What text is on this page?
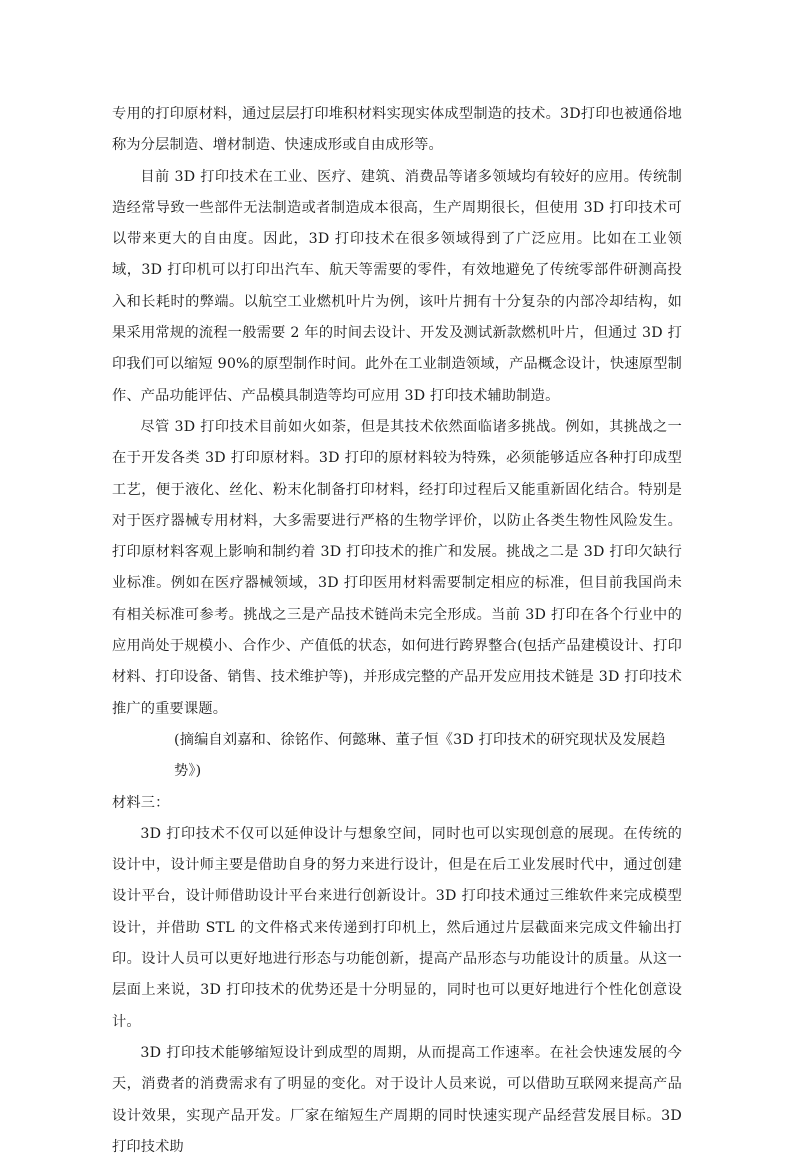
专用的打印原材料，通过层层打印堆积材料实现实体成型制造的技术。3D打印也被通俗地称为分层制造、增材制造、快速成形或自由成形等。

目前 3D 打印技术在工业、医疗、建筑、消费品等诸多领域均有较好的应用。传统制造经常导致一些部件无法制造或者制造成本很高，生产周期很长，但使用 3D 打印技术可以带来更大的自由度。因此，3D 打印技术在很多领域得到了广泛应用。比如在工业领域，3D 打印机可以打印出汽车、航天等需要的零件，有效地避免了传统零部件研测高投入和长耗时的弊端。以航空工业燃机叶片为例，该叶片拥有十分复杂的内部冷却结构，如果采用常规的流程一般需要 2 年的时间去设计、开发及测试新款燃机叶片，但通过 3D 打印我们可以缩短 90%的原型制作时间。此外在工业制造领域，产品概念设计，快速原型制作、产品功能评估、产品模具制造等均可应用 3D 打印技术辅助制造。

尽管 3D 打印技术目前如火如荼，但是其技术依然面临诸多挑战。例如，其挑战之一在于开发各类 3D 打印原材料。3D 打印的原材料较为特殊，必须能够适应各种打印成型工艺，便于液化、丝化、粉末化制备打印材料，经打印过程后又能重新固化结合。特别是对于医疗器械专用材料，大多需要进行严格的生物学评价，以防止各类生物性风险发生。打印原材料客观上影响和制约着 3D 打印技术的推广和发展。挑战之二是 3D 打印欠缺行业标准。例如在医疗器械领域，3D 打印医用材料需要制定相应的标准，但目前我国尚未有相关标准可参考。挑战之三是产品技术链尚未完全形成。当前 3D 打印在各个行业中的应用尚处于规模小、合作少、产值低的状态，如何进行跨界整合(包括产品建模设计、打印材料、打印设备、销售、技术维护等)，并形成完整的产品开发应用技术链是 3D 打印技术推广的重要课题。

(摘编自刘嘉和、徐铭作、何懿琳、董子恒《3D 打印技术的研究现状及发展趋势》)

材料三：

3D 打印技术不仅可以延伸设计与想象空间，同时也可以实现创意的展现。在传统的设计中，设计师主要是借助自身的努力来进行设计，但是在后工业发展时代中，通过创建设计平台，设计师借助设计平台来进行创新设计。3D 打印技术通过三维软件来完成模型设计，并借助 STL 的文件格式来传递到打印机上，然后通过片层截面来完成文件输出打印。设计人员可以更好地进行形态与功能创新，提高产品形态与功能设计的质量。从这一层面上来说，3D 打印技术的优势还是十分明显的，同时也可以更好地进行个性化创意设计。

3D 打印技术能够缩短设计到成型的周期，从而提高工作速率。在社会快速发展的今天，消费者的消费需求有了明显的变化。对于设计人员来说，可以借助互联网来提高产品设计效果，实现产品开发。厂家在缩短生产周期的同时快速实现产品经营发展目标。3D 打印技术助
